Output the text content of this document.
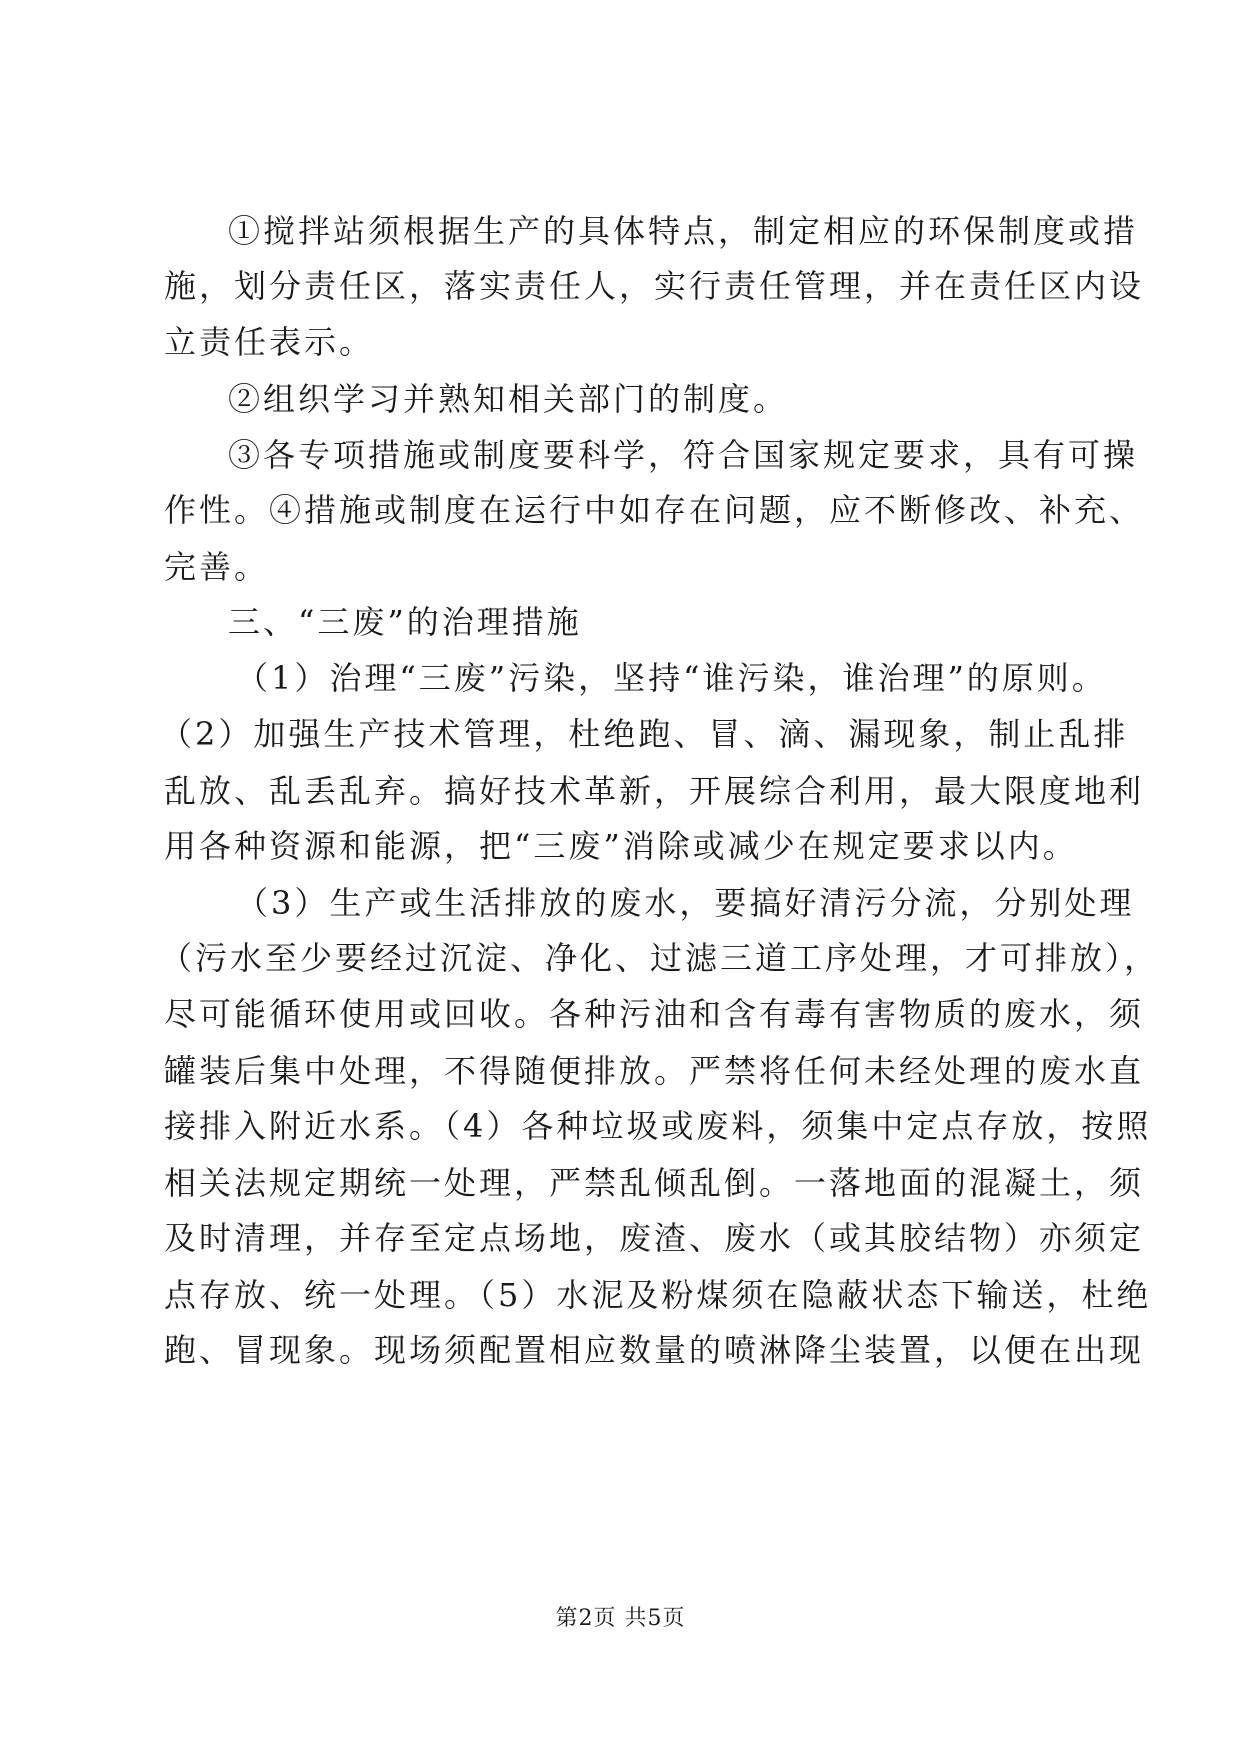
①搅拌站须根据生产的具体特点，制定相应的环保制度或措
施，划分责任区，落实责任人，实行责任管理，并在责任区内设
立责任表示。
②组织学习并熟知相关部门的制度。
③各专项措施或制度要科学，符合国家规定要求，具有可操
作性。④措施或制度在运行中如存在问题，应不断修改、补充、
完善。
三、“三废”的治理措施
（1）治理“三废”污染，坚持“谁污染，谁治理”的原则。
（2）加强生产技术管理，杜绝跑、冒、滴、漏现象，制止乱排
乱放、乱丢乱弃。搞好技术革新，开展综合利用，最大限度地利
用各种资源和能源，把“三废”消除或减少在规定要求以内。
（3）生产或生活排放的废水，要搞好清污分流，分别处理
（污水至少要经过沉淀、净化、过滤三道工序处理，才可排放），
尽可能循环使用或回收。各种污油和含有毒有害物质的废水，须
罐装后集中处理，不得随便排放。严禁将任何未经处理的废水直
接排入附近水系。（4）各种垃圾或废料，须集中定点存放，按照
相关法规定期统一处理，严禁乱倾乱倒。一落地面的混凝土，须
及时清理，并存至定点场地，废渣、废水（或其胶结物）亦须定
点存放、统一处理。（5）水泥及粉煤须在隐蔽状态下输送，杜绝
跑、冒现象。现场须配置相应数量的喷淋降尘装置，以便在出现
第2页 共5页
